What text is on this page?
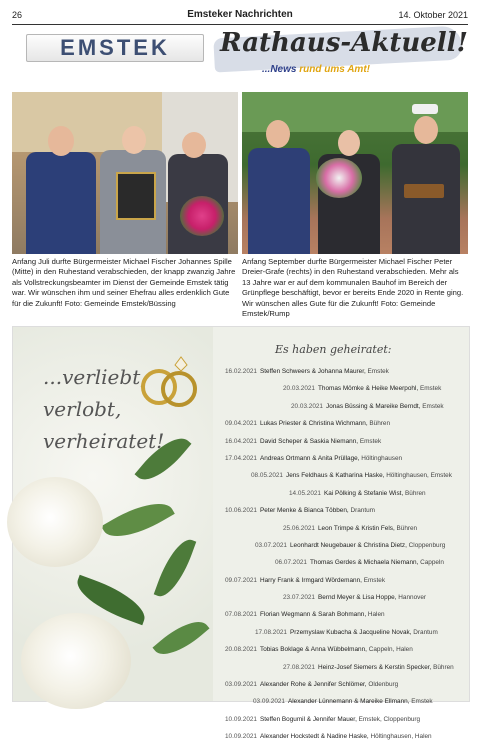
26	Emsteker Nachrichten	14. Oktober 2021
EMSTEK Rathaus-Aktuell!
...News rund ums Amt!
Anfang Juli durfte Bürgermeister Michael Fischer Johannes Spille (Mitte) in den Ruhestand verabschieden, der knapp zwanzig Jahre als Vollstreckungsbeamter im Dienst der Gemeinde Emstek tätig war. Wir wünschen ihm und seiner Ehefrau alles erdenklich Gute für die Zukunft! Foto: Gemeinde Emstek/Büssing
Anfang September durfte Bürgermeister Michael Fischer Peter Dreier-Grafe (rechts) in den Ruhestand verabschieden. Mehr als 13 Jahre war er auf dem kommunalen Bauhof im Bereich der Grünpflege beschäftigt, bevor er bereits Ende 2020 in Rente ging. Wir wünschen alles Gute für die Zukunft! Foto: Gemeinde Emstek/Rump
...verliebt,
verlobt,
verheiratet!
Es haben geheiratet:
16.02.2021 Steffen Schweers & Johanna Maurer, Emstek
20.03.2021 Thomas Mömke & Heike Meerpohl, Emstek
20.03.2021 Jonas Büssing & Mareike Berndt, Emstek
09.04.2021 Lukas Priester & Christina Wichmann, Bühren
16.04.2021 David Scheper & Saskia Niemann, Emstek
17.04.2021 Andreas Ortmann & Anita Prüllage, Höltinghausen
08.05.2021 Jens Feldhaus & Katharina Haske, Höltinghausen, Emstek
14.05.2021 Kai Pölking & Stefanie Wist, Bühren
10.06.2021 Peter Menke & Bianca Többen, Drantum
25.06.2021 Leon Trimpe & Kristin Fels, Bühren
03.07.2021 Leonhardt Neugebauer & Christina Dietz, Cloppenburg
06.07.2021 Thomas Gerdes & Michaela Niemann, Cappeln
09.07.2021 Harry Frank & Irmgard Wördemann, Emstek
23.07.2021 Bernd Meyer & Lisa Hoppe, Hannover
07.08.2021 Florian Wegmann & Sarah Bohmann, Halen
17.08.2021 Przemyslaw Kubacha & Jacqueline Novak, Drantum
20.08.2021 Tobias Boklage & Anna Wübbelmann, Cappeln, Halen
27.08.2021 Heinz-Josef Siemers & Kerstin Specker, Bühren
03.09.2021 Alexander Rohe & Jennifer Schlömer, Oldenburg
03.09.2021 Alexander Lünnemann & Mareike Ellmann, Emstek
10.09.2021 Steffen Bogumil & Jennifer Mauer, Emstek, Cloppenburg
10.09.2021 Alexander Hockstedt & Nadine Haske, Höltinghausen, Halen
